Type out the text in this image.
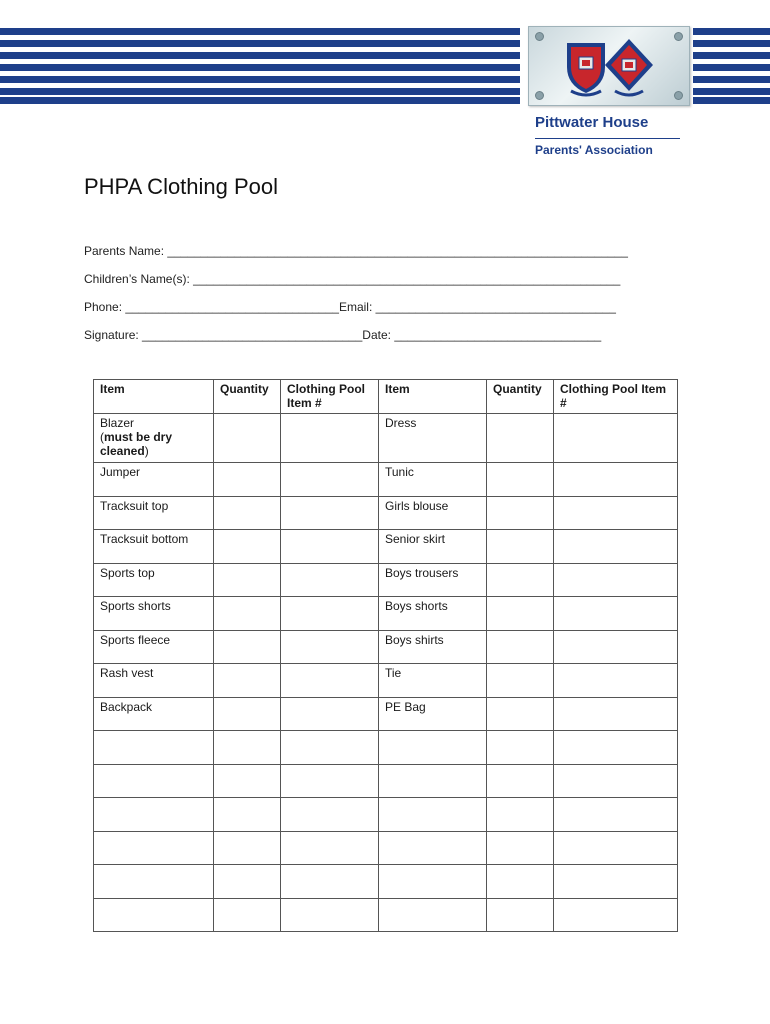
Pittwater House
Parents' Association
PHPA Clothing Pool
Parents Name: _____________________________________________________________________
Children’s Name(s): ________________________________________________________________
Phone: ________________________________Email: ____________________________________
Signature: _________________________________Date: _______________________________
Item	Quantity	Clothing Pool Item #	Item	Quantity	Clothing Pool Item #

Blazer
(must be dry cleaned)			Dress		
Jumper			Tunic		
Tracksuit top			Girls blouse		
Tracksuit bottom			Senior skirt		
Sports top			Boys trousers		
Sports shorts			Boys shorts		
Sports fleece			Boys shirts		
Rash vest			Tie		
Backpack			PE Bag		
